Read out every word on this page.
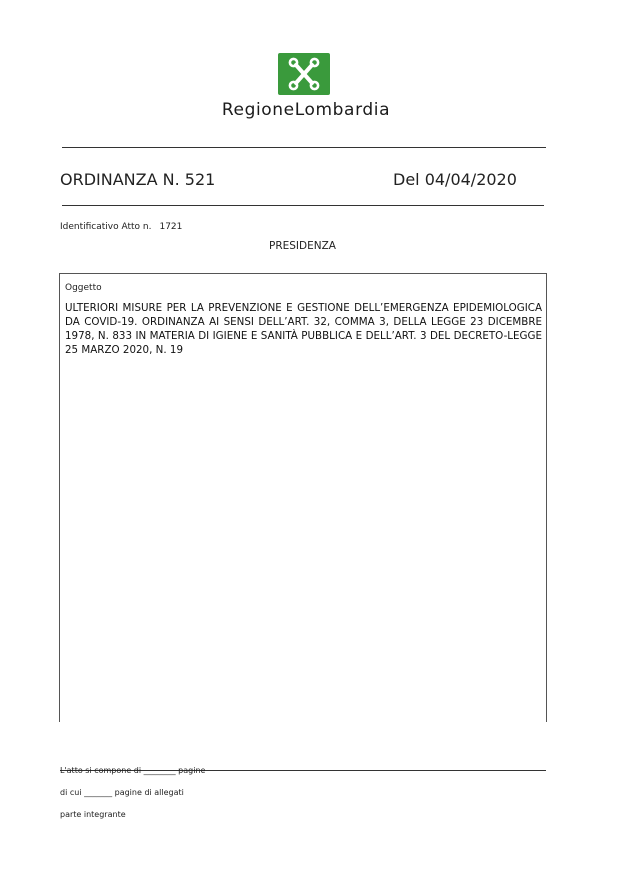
RegioneLombardia
ORDINANZA N. 521	Del 04/04/2020
Identificativo Atto n. 1721
PRESIDENZA
Oggetto
ULTERIORI MISURE PER LA PREVENZIONE E GESTIONE DELL’EMERGENZA EPIDEMIOLOGICA DA COVID-19. ORDINANZA AI SENSI DELL’ART. 32, COMMA 3, DELLA LEGGE 23 DICEMBRE 1978, N. 833 IN MATERIA DI IGIENE E SANITÀ PUBBLICA E DELL’ART. 3 DEL DECRETO-LEGGE 25 MARZO 2020, N. 19
L'atto si compone di ________ pagine
di cui _______ pagine di allegati
parte integrante
